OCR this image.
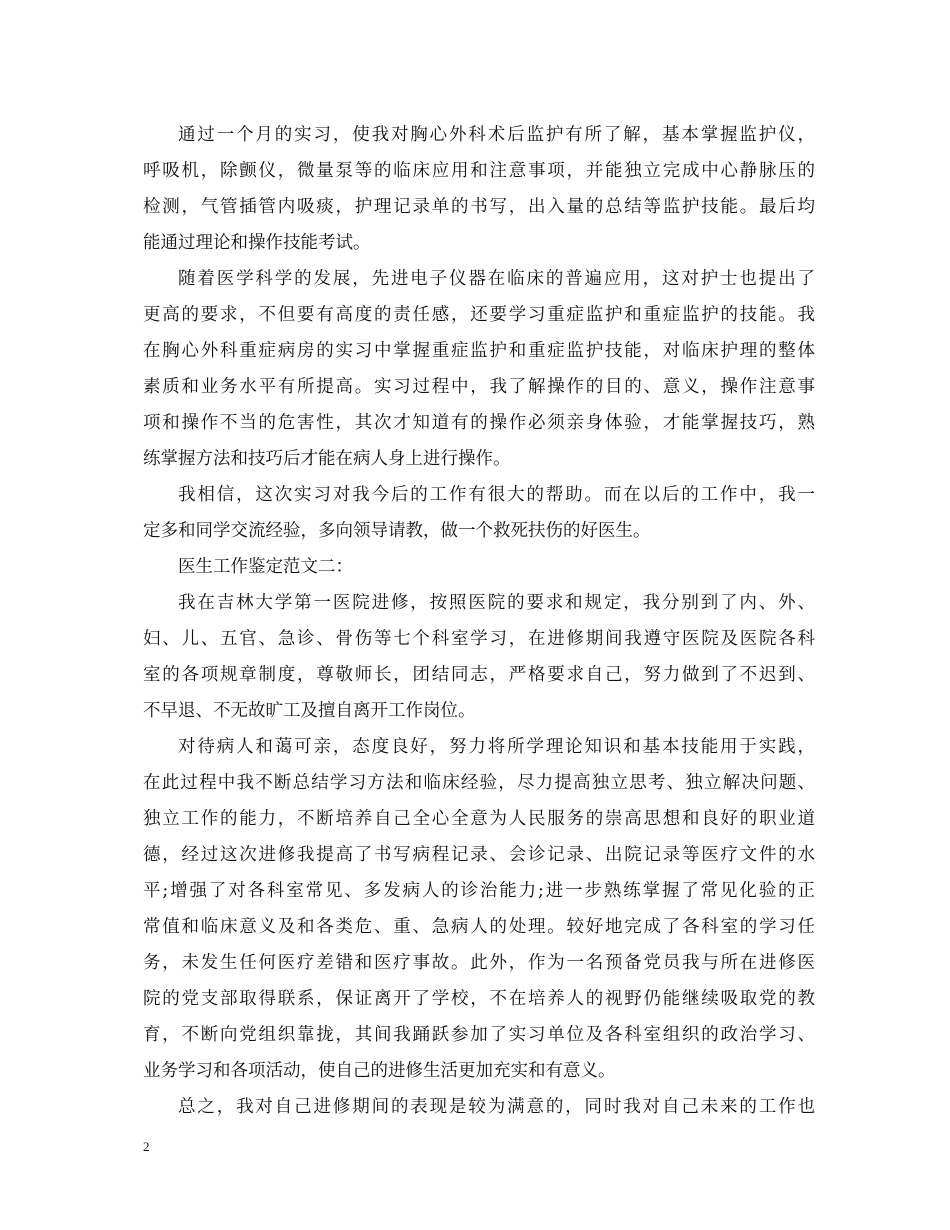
通过一个月的实习，使我对胸心外科术后监护有所了解，基本掌握监护仪，
呼吸机，除颤仪，微量泵等的临床应用和注意事项，并能独立完成中心静脉压的
检测，气管插管内吸痰，护理记录单的书写，出入量的总结等监护技能。最后均
能通过理论和操作技能考试。
随着医学科学的发展，先进电子仪器在临床的普遍应用，这对护士也提出了
更高的要求，不但要有高度的责任感，还要学习重症监护和重症监护的技能。我
在胸心外科重症病房的实习中掌握重症监护和重症监护技能，对临床护理的整体
素质和业务水平有所提高。实习过程中，我了解操作的目的、意义，操作注意事
项和操作不当的危害性，其次才知道有的操作必须亲身体验，才能掌握技巧，熟
练掌握方法和技巧后才能在病人身上进行操作。
我相信，这次实习对我今后的工作有很大的帮助。而在以后的工作中，我一
定多和同学交流经验，多向领导请教，做一个救死扶伤的好医生。
医生工作鉴定范文二：
我在吉林大学第一医院进修，按照医院的要求和规定，我分别到了内、外、
妇、儿、五官、急诊、骨伤等七个科室学习，在进修期间我遵守医院及医院各科
室的各项规章制度，尊敬师长，团结同志，严格要求自己，努力做到了不迟到、
不早退、不无故旷工及擅自离开工作岗位。
对待病人和蔼可亲，态度良好，努力将所学理论知识和基本技能用于实践，
在此过程中我不断总结学习方法和临床经验，尽力提高独立思考、独立解决问题、
独立工作的能力，不断培养自己全心全意为人民服务的崇高思想和良好的职业道
德，经过这次进修我提高了书写病程记录、会诊记录、出院记录等医疗文件的水
平;增强了对各科室常见、多发病人的诊治能力;进一步熟练掌握了常见化验的正
常值和临床意义及和各类危、重、急病人的处理。较好地完成了各科室的学习任
务，未发生任何医疗差错和医疗事故。此外，作为一名预备党员我与所在进修医
院的党支部取得联系，保证离开了学校，不在培养人的视野仍能继续吸取党的教
育，不断向党组织靠拢，其间我踊跃参加了实习单位及各科室组织的政治学习、
业务学习和各项活动，使自己的进修生活更加充实和有意义。
总之，我对自己进修期间的表现是较为满意的，同时我对自己未来的工作也
2
